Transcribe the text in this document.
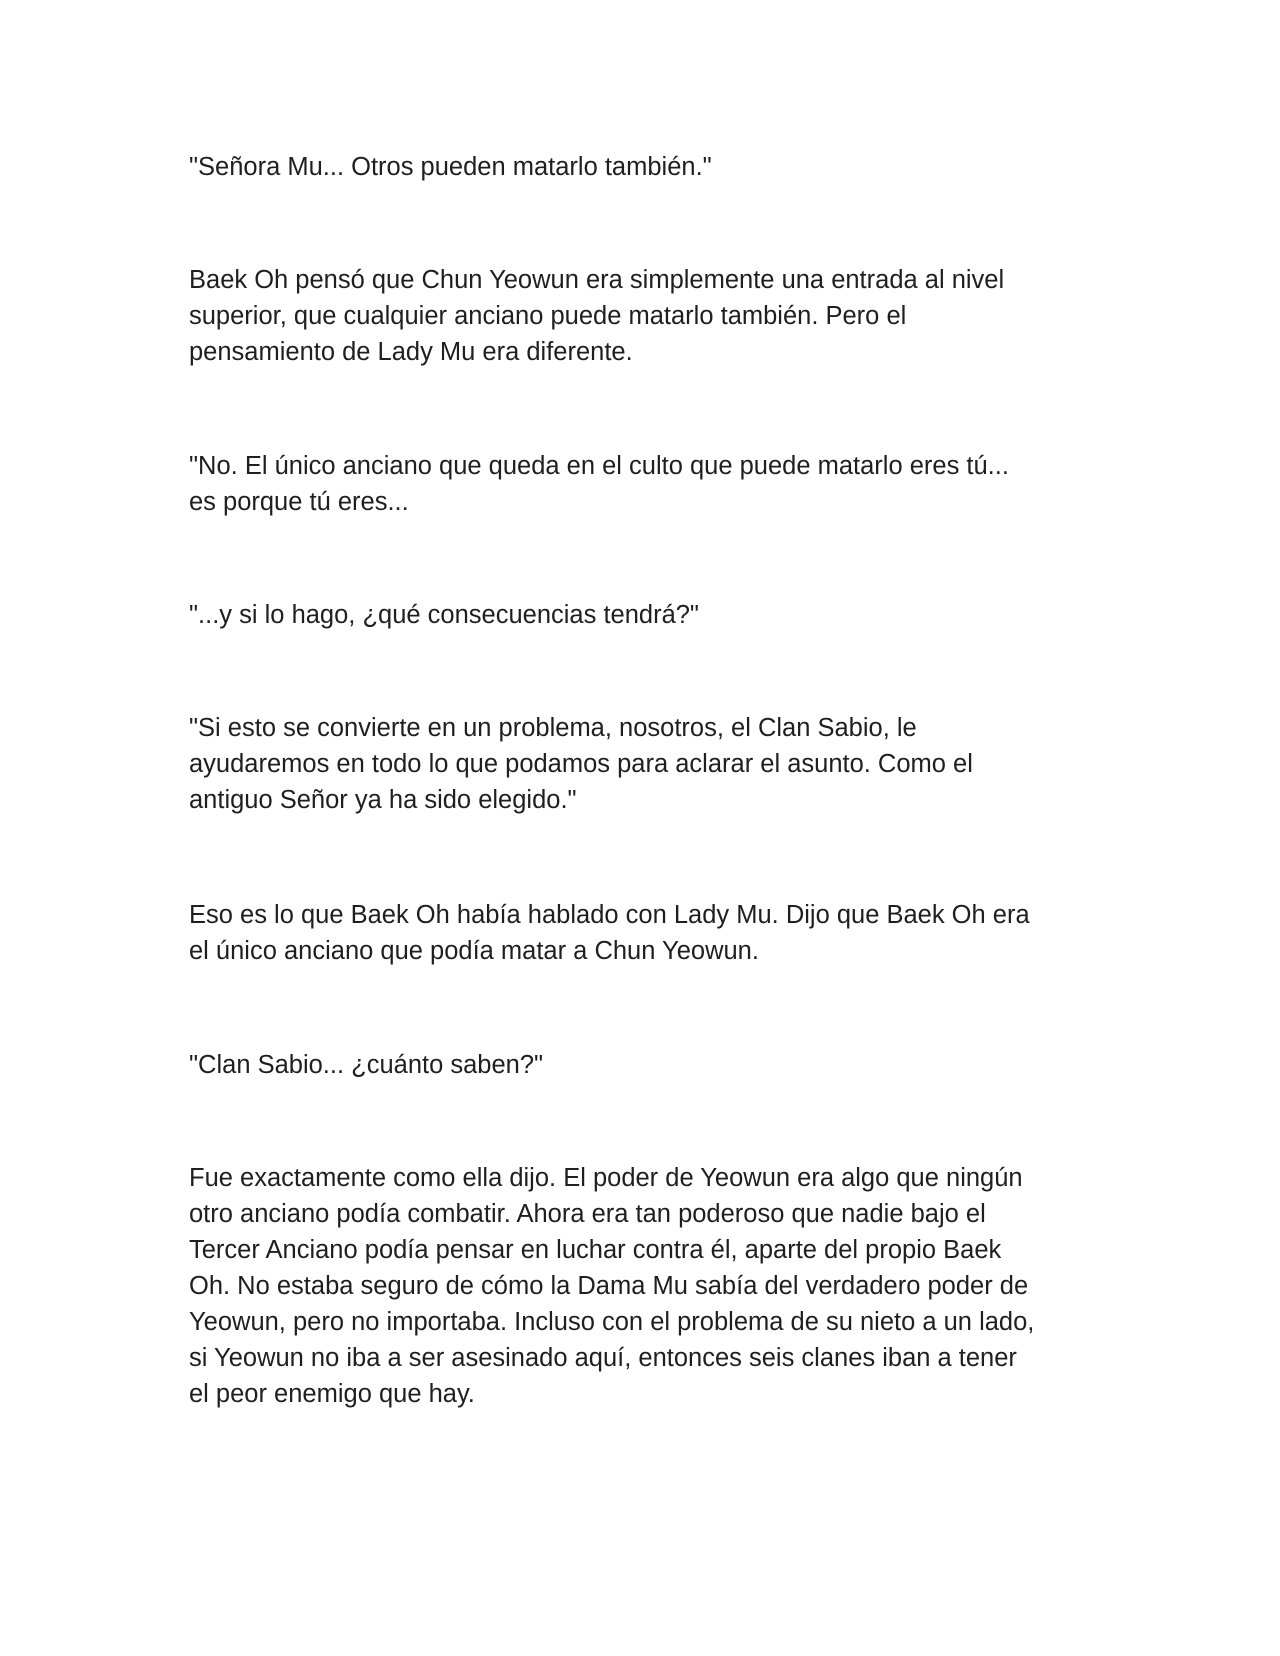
"Señora Mu... Otros pueden matarlo también."

Baek Oh pensó que Chun Yeowun era simplemente una entrada al nivel
superior, que cualquier anciano puede matarlo también. Pero el
pensamiento de Lady Mu era diferente.

"No. El único anciano que queda en el culto que puede matarlo eres tú...
es porque tú eres...

"...y si lo hago, ¿qué consecuencias tendrá?"

"Si esto se convierte en un problema, nosotros, el Clan Sabio, le
ayudaremos en todo lo que podamos para aclarar el asunto. Como el
antiguo Señor ya ha sido elegido."

Eso es lo que Baek Oh había hablado con Lady Mu. Dijo que Baek Oh era
el único anciano que podía matar a Chun Yeowun.

"Clan Sabio... ¿cuánto saben?"

Fue exactamente como ella dijo. El poder de Yeowun era algo que ningún
otro anciano podía combatir. Ahora era tan poderoso que nadie bajo el
Tercer Anciano podía pensar en luchar contra él, aparte del propio Baek
Oh. No estaba seguro de cómo la Dama Mu sabía del verdadero poder de
Yeowun, pero no importaba. Incluso con el problema de su nieto a un lado,
si Yeowun no iba a ser asesinado aquí, entonces seis clanes iban a tener
el peor enemigo que hay.
